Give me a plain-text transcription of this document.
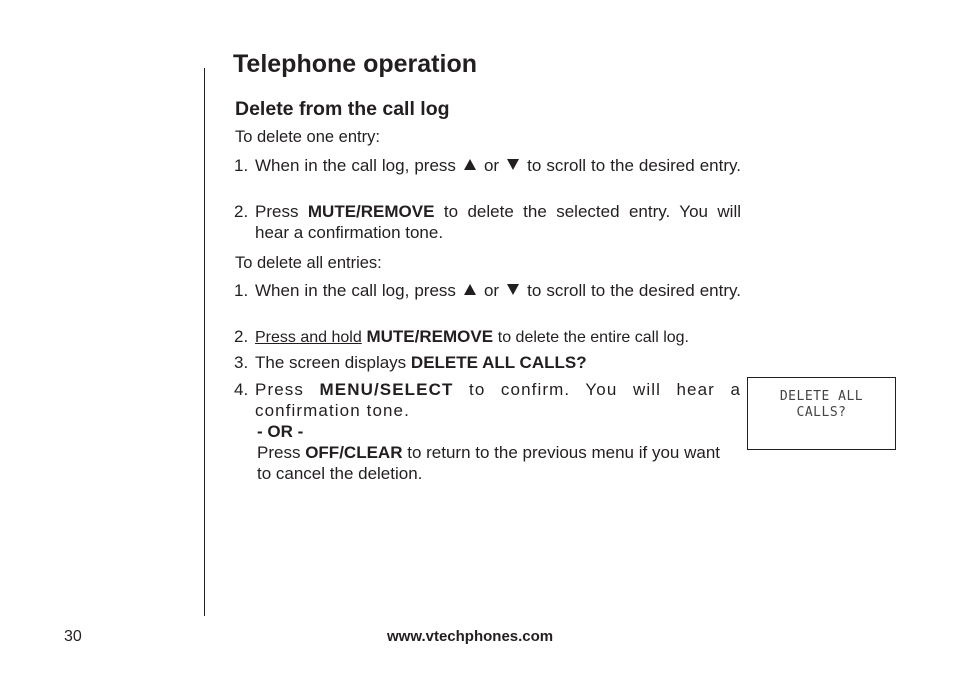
Telephone operation
Delete from the call log
To delete one entry:
1. When in the call log, press or to scroll to the desired entry.
2. Press MUTE/REMOVE to delete the selected entry. You will hear a confirmation tone.
To delete all entries:
1. When in the call log, press or to scroll to the desired entry.
2. Press and hold MUTE/REMOVE to delete the entire call log.
3. The screen displays DELETE ALL CALLS?
4. Press MENU/SELECT to confirm. You will hear a confirmation tone.
- OR -
Press OFF/CLEAR to return to the previous menu if you want to cancel the deletion.
DELETE ALL
CALLS?
30	www.vtechphones.com
